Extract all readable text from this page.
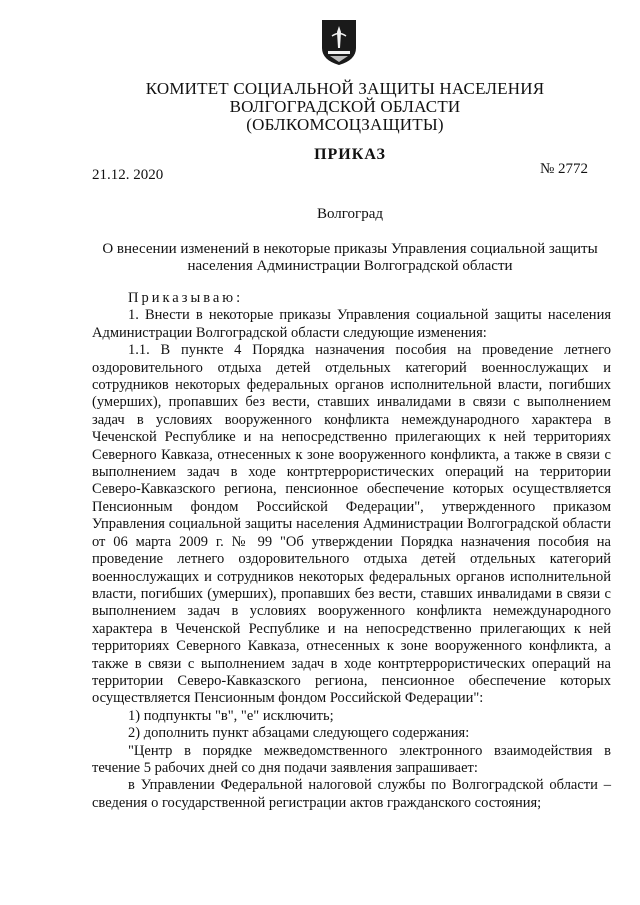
КОМИТЕТ СОЦИАЛЬНОЙ ЗАЩИТЫ НАСЕЛЕНИЯ
ВОЛГОГРАДСКОЙ ОБЛАСТИ
(ОБЛКОМСОЦЗАЩИТЫ)
ПРИКАЗ
21.12. 2020	№ 2772
Волгоград
О внесении изменений в некоторые приказы Управления социальной защиты населения Администрации Волгоградской области

Приказываю:

1. Внести в некоторые приказы Управления социальной защиты населения Администрации Волгоградской области следующие изменения:

1.1. В пункте 4 Порядка назначения пособия на проведение летнего оздоровительного отдыха детей отдельных категорий военнослужащих и сотрудников некоторых федеральных органов исполнительной власти, погибших (умерших), пропавших без вести, ставших инвалидами в связи с выполнением задач в условиях вооруженного конфликта немеждународного характера в Чеченской Республике и на непосредственно прилегающих к ней территориях Северного Кавказа, отнесенных к зоне вооруженного конфликта, а также в связи с выполнением задач в ходе контртеррористических операций на территории Северо-Кавказского региона, пенсионное обеспечение которых осуществляется Пенсионным фондом Российской Федерации", утвержденного приказом Управления социальной защиты населения Администрации Волгоградской области от 06 марта 2009 г. № 99 "Об утверждении Порядка назначения пособия на проведение летнего оздоровительного отдыха детей отдельных категорий военнослужащих и сотрудников некоторых федеральных органов исполнительной власти, погибших (умерших), пропавших без вести, ставших инвалидами в связи с выполнением задач в условиях вооруженного конфликта немеждународного характера в Чеченской Республике и на непосредственно прилегающих к ней территориях Северного Кавказа, отнесенных к зоне вооруженного конфликта, а также в связи с выполнением задач в ходе контртеррористических операций на территории Северо-Кавказского региона, пенсионное обеспечение которых осуществляется Пенсионным фондом Российской Федерации":

1) подпункты "в", "е" исключить;

2) дополнить пункт абзацами следующего содержания:

"Центр в порядке межведомственного электронного взаимодействия в течение 5 рабочих дней со дня подачи заявления запрашивает:

в Управлении Федеральной налоговой службы по Волгоградской области – сведения о государственной регистрации актов гражданского состояния;
